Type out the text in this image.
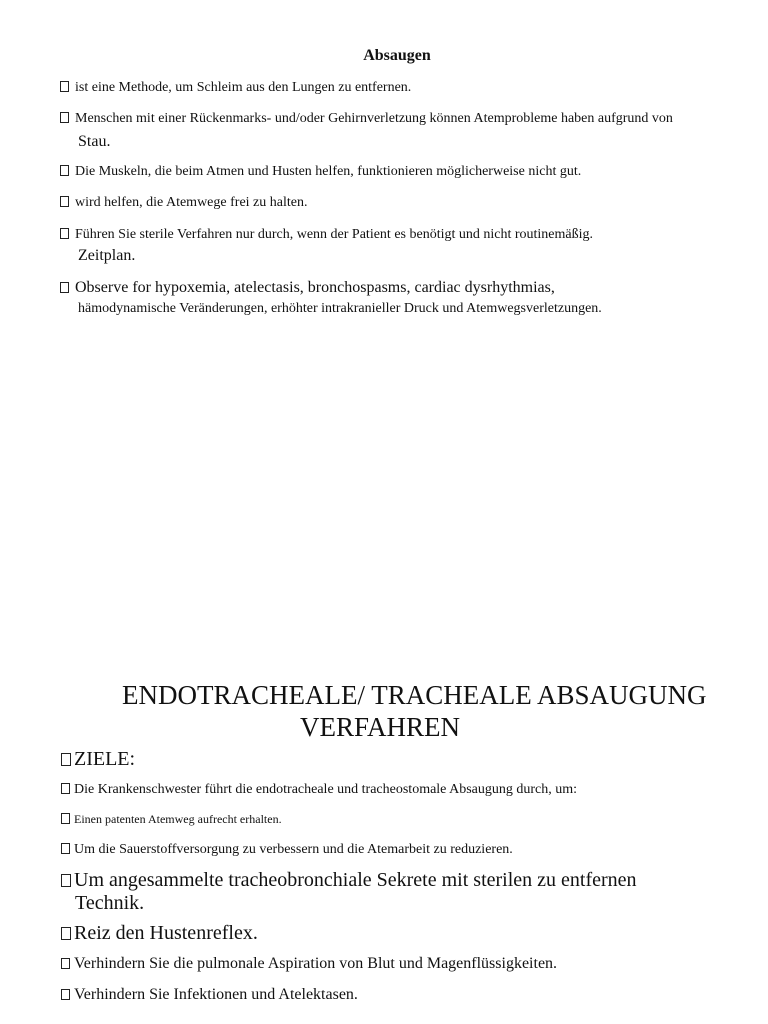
Absaugen
ist eine Methode, um Schleim aus den Lungen zu entfernen.
Menschen mit einer Rückenmarks- und/oder Gehirnverletzung können Atemprobleme haben aufgrund von
Stau.
Die Muskeln, die beim Atmen und Husten helfen, funktionieren möglicherweise nicht gut.
wird helfen, die Atemwege frei zu halten.
Führen Sie sterile Verfahren nur durch, wenn der Patient es benötigt und nicht routinemäßig.
Zeitplan.
Observe for hypoxemia, atelectasis, bronchospasms, cardiac dysrhythmias,
hämodynamische Veränderungen, erhöhter intrakranieller Druck und Atemwegsverletzungen.
ENDOTRACHEALE/ TRACHEALE ABSAUGUNG
VERFAHREN
ZIELE:
Die Krankenschwester führt die endotracheale und tracheostomale Absaugung durch, um:
Einen patenten Atemweg aufrecht erhalten.
Um die Sauerstoffversorgung zu verbessern und die Atemarbeit zu reduzieren.
Um angesammelte tracheobronchiale Sekrete mit sterilen zu entfernen
Technik.
Reiz den Hustenreflex.
Verhindern Sie die pulmonale Aspiration von Blut und Magenflüssigkeiten.
Verhindern Sie Infektionen und Atelektasen.
